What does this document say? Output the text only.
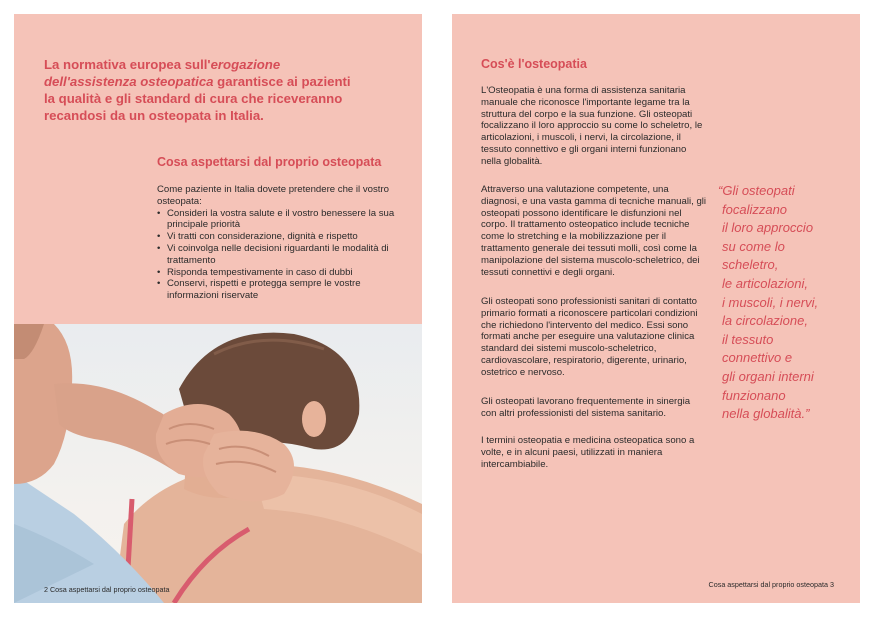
La normativa europea sull'erogazione dell'assistenza osteopatica garantisce ai pazienti la qualità e gli standard di cura che riceveranno recandosi da un osteopata in Italia.
Cosa aspettarsi dal proprio osteopata

Come paziente in Italia dovete pretendere che il vostro osteopata:

• Consideri la vostra salute e il vostro benessere la sua principale priorità
• Vi tratti con considerazione, dignità e rispetto
• Vi coinvolga nelle decisioni riguardanti le modalità di trattamento
• Risponda tempestivamente in caso di dubbi
• Conservi, rispetti e protegga sempre le vostre informazioni riservate
2 Cosa aspettarsi dal proprio osteopata
Cos'è l'osteopatia

L'Osteopatia è una forma di assistenza sanitaria manuale che riconosce l'importante legame tra la struttura del corpo e la sua funzione. Gli osteopati focalizzano il loro approccio su come lo scheletro, le articolazioni, i muscoli, i nervi, la circolazione, il tessuto connettivo e gli organi interni funzionano nella globalità.

Attraverso una valutazione competente, una diagnosi, e una vasta gamma di tecniche manuali, gli osteopati possono identificare le disfunzioni nel corpo. Il trattamento osteopatico include tecniche come lo stretching e la mobilizzazione per il trattamento generale dei tessuti molli, così come la manipolazione del sistema muscolo-scheletrico, dei tessuti connettivi e degli organi.

Gli osteopati sono professionisti sanitari di contatto primario formati a riconoscere particolari condizioni che richiedono l'intervento del medico. Essi sono formati anche per eseguire una valutazione clinica standard dei sistemi muscolo-scheletrico, cardiovascolare, respiratorio, digerente, urinario, ostetrico e nervoso.

Gli osteopati lavorano frequentemente in sinergia con altri professionisti del sistema sanitario.

I termini osteopatia e medicina osteopatica sono a volte, e in alcuni paesi, utilizzati in maniera intercambiabile.

“Gli osteopati
focalizzano
il loro approccio
su come lo
scheletro,
le articolazioni,
i muscoli, i nervi,
la circolazione,
il tessuto
connettivo e
gli organi interni
funzionano
nella globalità.”
Cosa aspettarsi dal proprio osteopata 3
